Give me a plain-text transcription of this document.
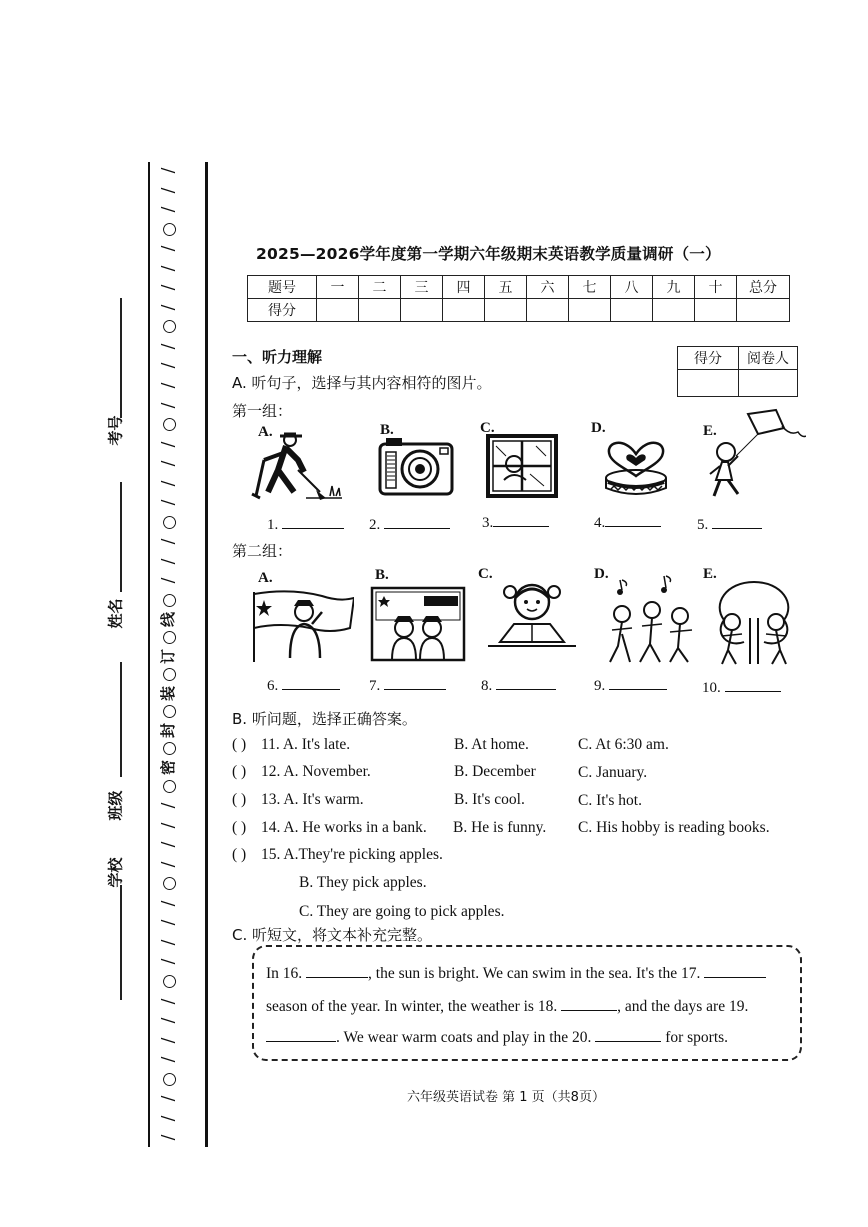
/
/
/
○
/
/
/
/
○
/
/
/
/
○
/
/
/
/
○
/
/
/
○
线
○
订
○
装
○
封
○
密
○
/
/
/
/
○
/
/
/
/
○
/
/
/
/
○
/
/
/
考号
姓名
班级
学校
2025—2026学年度第一学期六年级期末英语教学质量调研（一）
题号	一	二	三	四	五	六	七	八	九	十	总分
得分											
一、听力理解	得分	阅卷人

A. 听句子，选择与其内容相符的图片。
第一组：
A.	B.	C.	D.	E.
1.	2.	3.	4.	5.
第二组：
A.	B.	C.	D.	E.
6.	7.	8.	9.	10.
B. 听问题，选择正确答案。
( ) 11. A. It's late.	B. At home.	C. At 6:30 am.
( ) 12. A. November.	B. December	C. January.
( ) 13. A. It's warm.	B. It's cool.	C. It's hot.
( ) 14. A. He works in a bank. B. He is funny. C. His hobby is reading books.
( ) 15. A.They're picking apples.
B. They pick apples.
C. They are going to pick apples.
C. 听短文，将文本补充完整。
In 16.	, the sun is bright. We can swim in the sea. It's the 17.
season of the year. In winter, the weather is 18.	, and the days are 19.
. We wear warm coats and play in the 20.	for sports.
六年级英语试卷 第 1 页（共8页）
